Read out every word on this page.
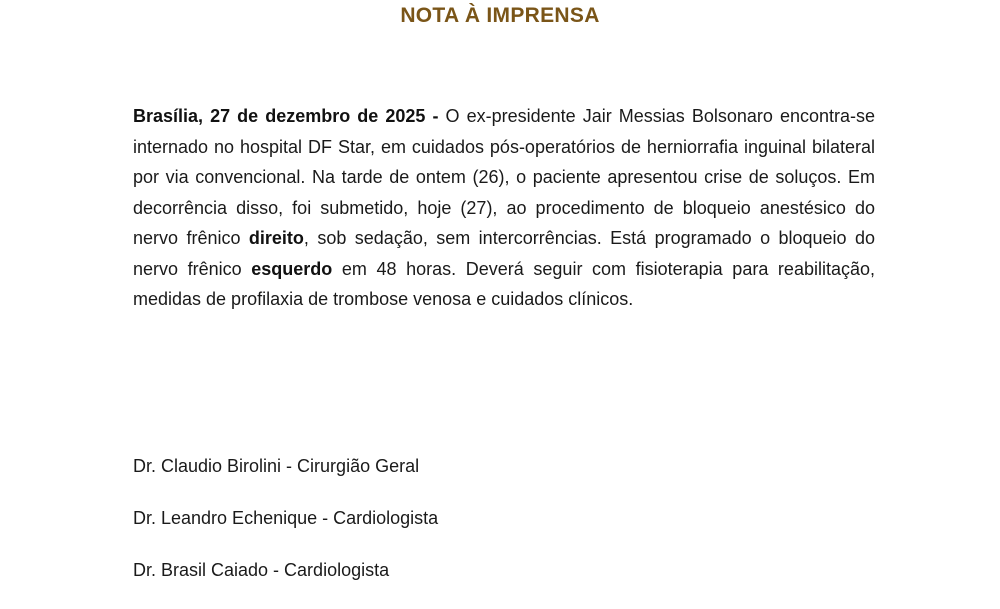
NOTA À IMPRENSA

Brasília, 27 de dezembro de 2025 - O ex-presidente Jair Messias Bolsonaro encontra-se internado no hospital DF Star, em cuidados pós-operatórios de herniorrafia inguinal bilateral por via convencional. Na tarde de ontem (26), o paciente apresentou crise de soluços. Em decorrência disso, foi submetido, hoje (27), ao procedimento de bloqueio anestésico do nervo frênico direito, sob sedação, sem intercorrências. Está programado o bloqueio do nervo frênico esquerdo em 48 horas. Deverá seguir com fisioterapia para reabilitação, medidas de profilaxia de trombose venosa e cuidados clínicos.

Dr. Claudio Birolini - Cirurgião Geral
Dr. Leandro Echenique - Cardiologista
Dr. Brasil Caiado - Cardiologista
